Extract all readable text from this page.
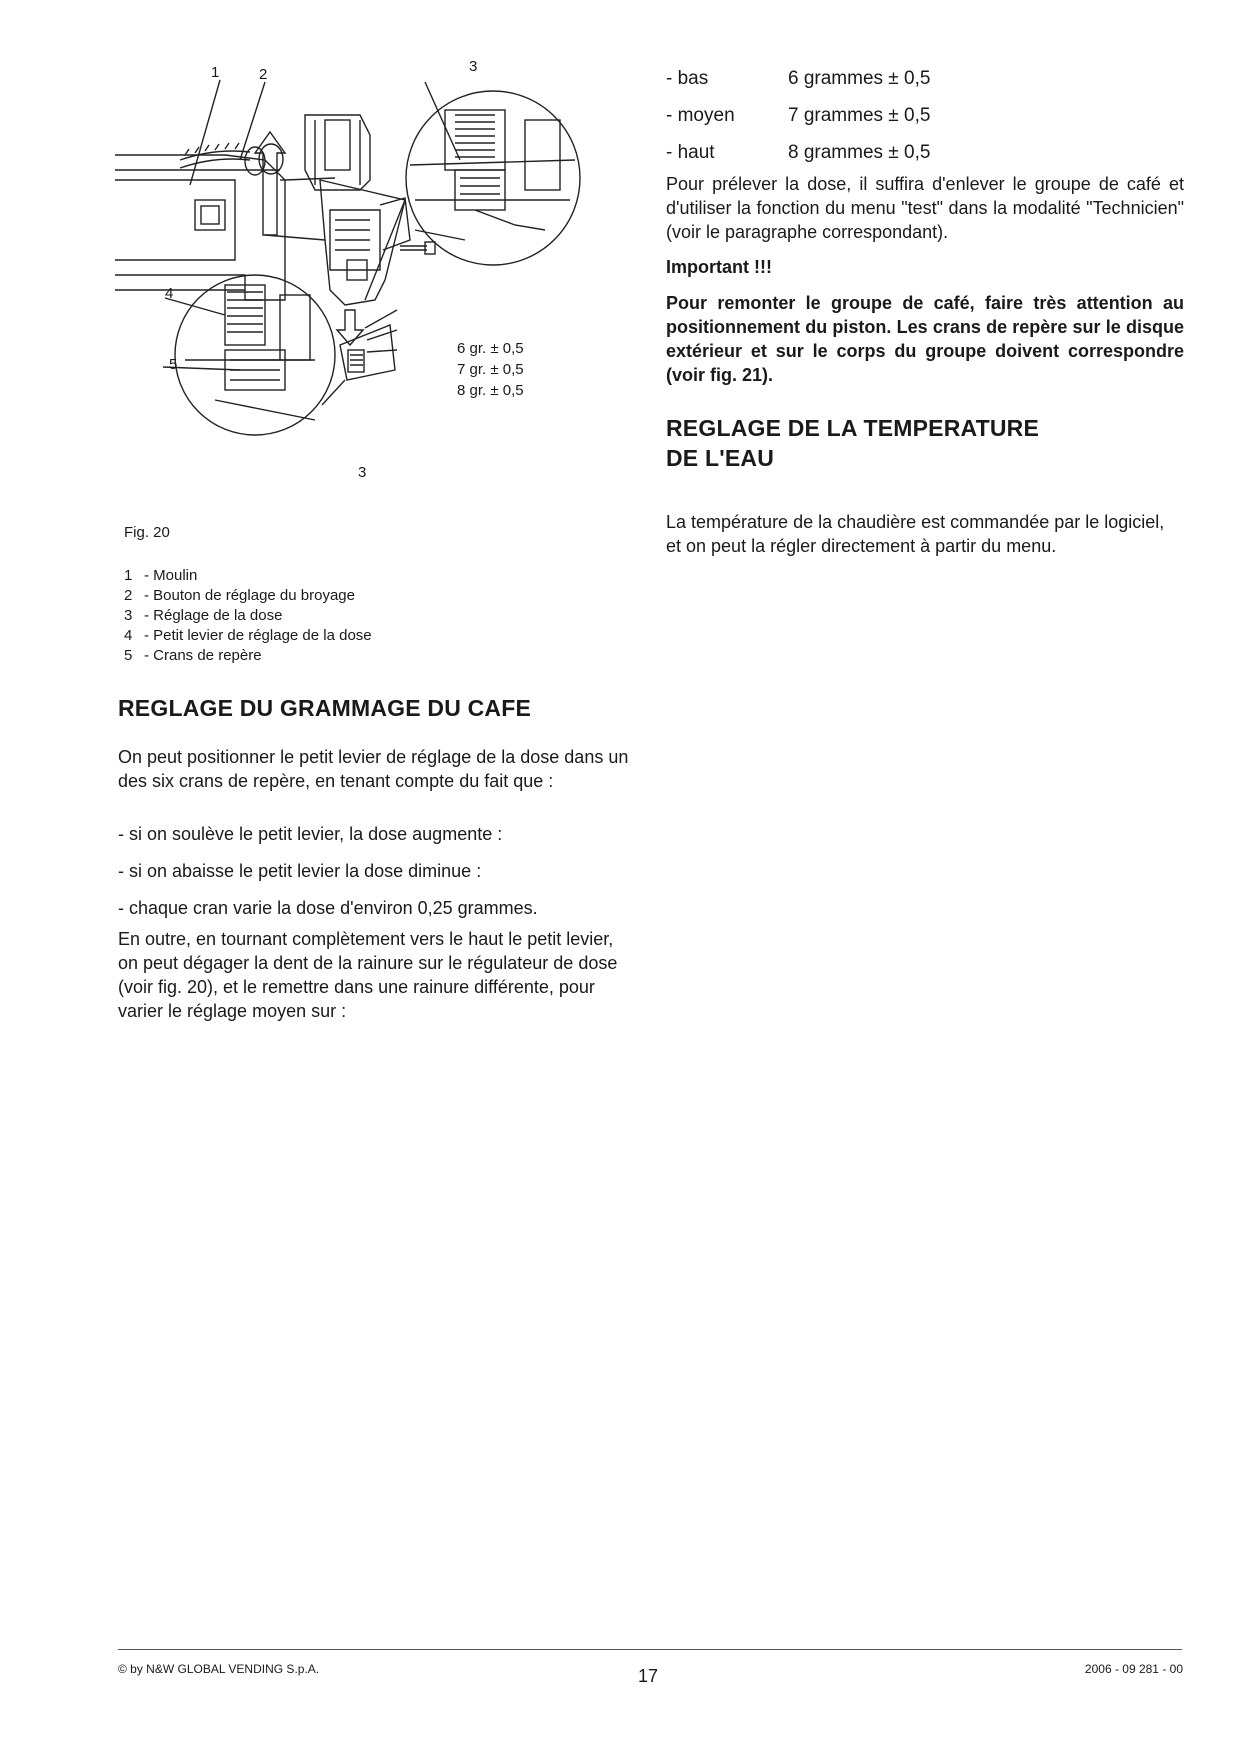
1	2	3
4
5
3
6 gr. ± 0,5
7 gr. ± 0,5
8 gr. ± 0,5
Fig. 20
1 - Moulin
2 - Bouton de réglage du broyage
3 - Réglage de la dose
4 - Petit levier de réglage de la dose
5 - Crans de repère
REGLAGE DU GRAMMAGE DU CAFE
On peut positionner le petit levier de réglage de la dose dans un des six crans de repère, en tenant compte du fait que :
- si on soulève le petit levier, la dose augmente :
- si on abaisse le petit levier la dose diminue :
- chaque cran varie la dose d'environ 0,25 grammes.
En outre, en tournant complètement vers le haut le petit levier, on peut dégager la dent de la rainure sur le régulateur de dose (voir fig. 20), et le remettre dans une rainure différente, pour varier le réglage moyen sur :
- bas	6 grammes ± 0,5
- moyen	7 grammes ± 0,5
- haut	8 grammes ± 0,5
Pour prélever la dose, il suffira d'enlever le groupe de café et d'utiliser la fonction du menu "test" dans la modalité "Technicien" (voir le paragraphe correspondant).
Important !!!
Pour remonter le groupe de café, faire très attention au positionnement du piston. Les crans de repère sur le disque extérieur et sur le corps du groupe doivent correspondre (voir fig. 21).
REGLAGE DE LA TEMPERATURE
DE L'EAU
La température de la chaudière est commandée par le logiciel, et on peut la régler directement à partir du menu.
© by N&W GLOBAL VENDING S.p.A.	17	2006 - 09 281 - 00
